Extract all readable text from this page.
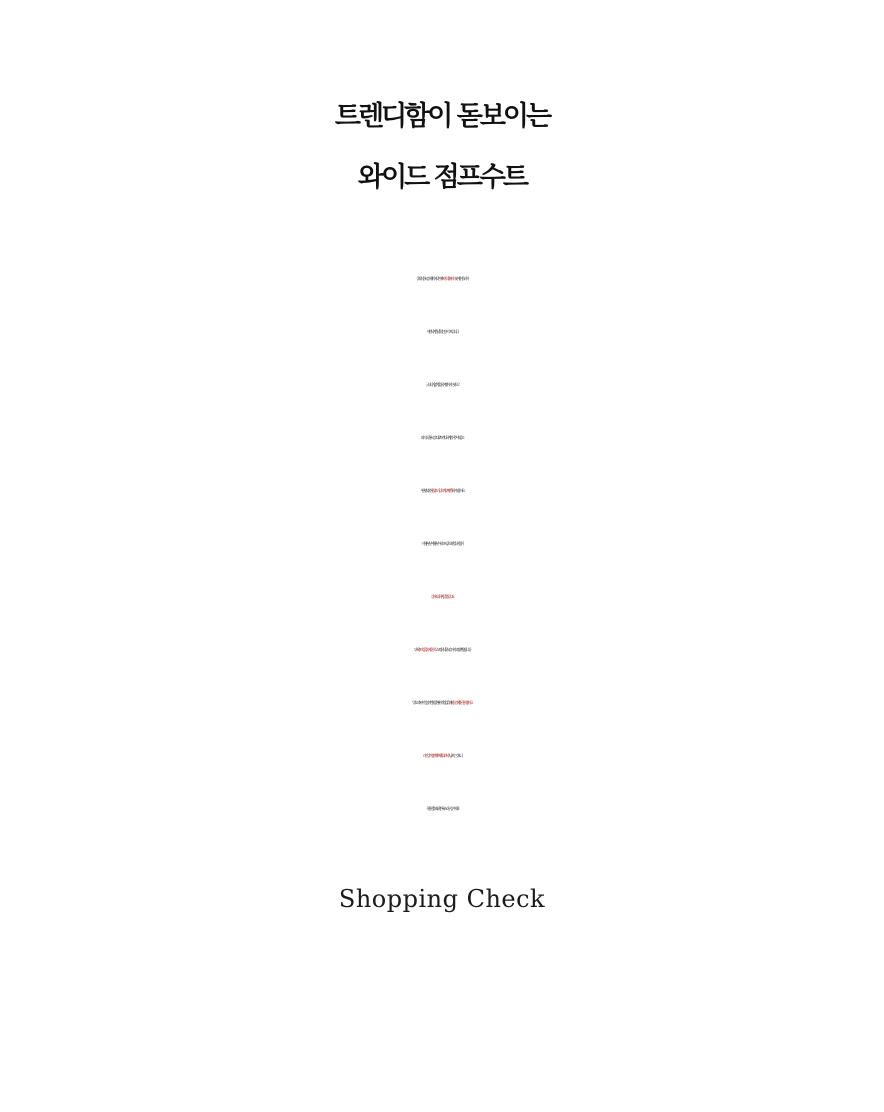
트렌디함이 돋보이는
와이드 점프수트
클래식한 느낌의 베이지 코튼에 트렌디한 와이드 핏이 잘 어울러져
세련되게 만날 수 있는 점프수트랍니다
군더더기 없이 깔끔하게 떨어지는 핏으로
와이드한 통 느낌 그대로 트렌디하게 입어주셔도 좋고
두 단 정도 접어 롤업 스타일로 귀엽게 연출하셔도 좋아요
어깨 끈 부분이 뒷 부분 까지 스트링으로 연결되어 있어
길이 조절하여 입을 수 있고요
뒤에 스트링을 묶어 리본으로 고정하니 뒷모습까지도 정말 귀엽답니다
별도의 스판끼는 없지만 할랑한 핏이라 입었을때 활동감에 불편함이 없어요
라인감이 정말 예쁘게 잘 나와서 그냥보는것보다
착용했을때 더욱 만족스러우실거예요!
Shopping Check
